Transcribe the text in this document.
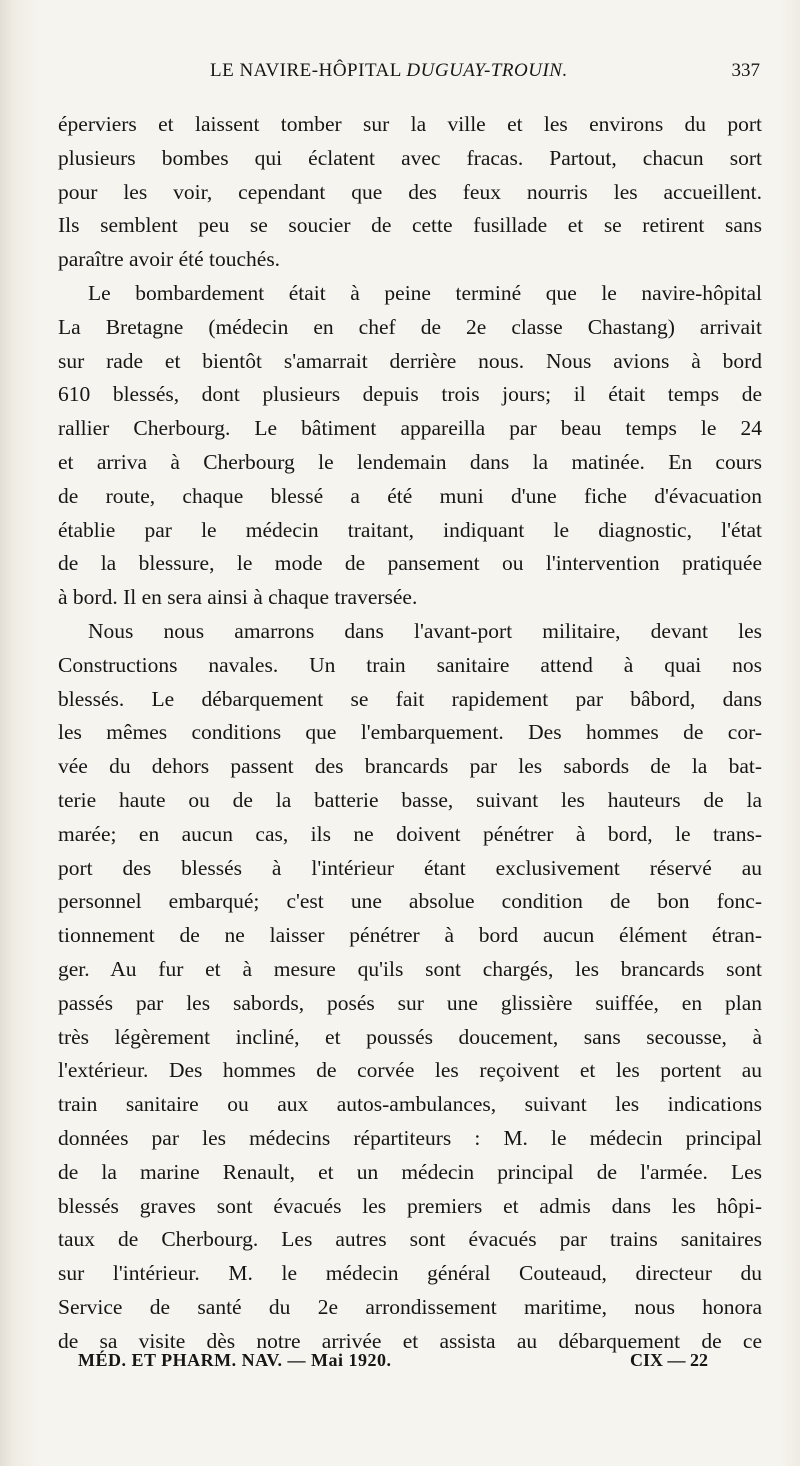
LE NAVIRE-HÔPITAL DUGUAY-TROUIN.	337
éperviers et laissent tomber sur la ville et les environs du port
plusieurs bombes qui éclatent avec fracas. Partout, chacun sort
pour les voir, cependant que des feux nourris les accueillent.
Ils semblent peu se soucier de cette fusillade et se retirent sans
paraître avoir été touchés.
Le bombardement était à peine terminé que le navire-hôpital
La Bretagne (médecin en chef de 2e classe Chastang) arrivait
sur rade et bientôt s'amarrait derrière nous. Nous avions à bord
610 blessés, dont plusieurs depuis trois jours; il était temps de
rallier Cherbourg. Le bâtiment appareilla par beau temps le 24
et arriva à Cherbourg le lendemain dans la matinée. En cours
de route, chaque blessé a été muni d'une fiche d'évacuation
établie par le médecin traitant, indiquant le diagnostic, l'état
de la blessure, le mode de pansement ou l'intervention pratiquée
à bord. Il en sera ainsi à chaque traversée.
Nous nous amarrons dans l'avant-port militaire, devant les
Constructions navales. Un train sanitaire attend à quai nos
blessés. Le débarquement se fait rapidement par bâbord, dans
les mêmes conditions que l'embarquement. Des hommes de cor-
vée du dehors passent des brancards par les sabords de la bat-
terie haute ou de la batterie basse, suivant les hauteurs de la
marée; en aucun cas, ils ne doivent pénétrer à bord, le trans-
port des blessés à l'intérieur étant exclusivement réservé au
personnel embarqué; c'est une absolue condition de bon fonc-
tionnement de ne laisser pénétrer à bord aucun élément étran-
ger. Au fur et à mesure qu'ils sont chargés, les brancards sont
passés par les sabords, posés sur une glissière suiffée, en plan
très légèrement incliné, et poussés doucement, sans secousse, à
l'extérieur. Des hommes de corvée les reçoivent et les portent au
train sanitaire ou aux autos-ambulances, suivant les indications
données par les médecins répartiteurs : M. le médecin principal
de la marine Renault, et un médecin principal de l'armée. Les
blessés graves sont évacués les premiers et admis dans les hôpi-
taux de Cherbourg. Les autres sont évacués par trains sanitaires
sur l'intérieur. M. le médecin général Couteaud, directeur du
Service de santé du 2e arrondissement maritime, nous honora
de sa visite dès notre arrivée et assista au débarquement de ce
MÉD. ET PHARM. NAV. — Mai 1920.	CIX — 22
